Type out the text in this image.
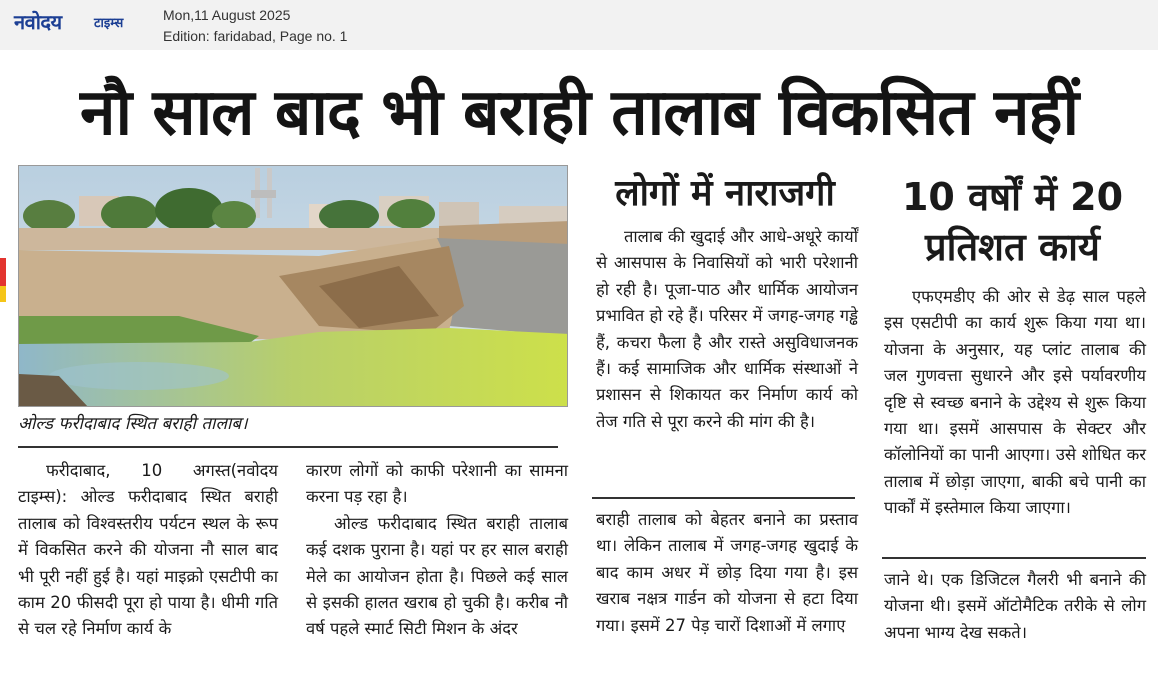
नवोदय टाइम्स
Mon,11 August 2025
Edition: faridabad, Page no. 1
नौ साल बाद भी बराही तालाब विकसित नहीं
ओल्ड फरीदाबाद स्थित बराही तालाब।

फरीदाबाद, 10 अगस्त(नवोदय टाइम्स): ओल्ड फरीदाबाद स्थित बराही तालाब को विश्वस्तरीय पर्यटन स्थल के रूप में विकसित करने की योजना नौ साल बाद भी पूरी नहीं हुई है। यहां माइक्रो एसटीपी का काम 20 फीसदी पूरा हो पाया है। धीमी गति से चल रहे निर्माण कार्य के

कारण लोगों को काफी परेशानी का सामना करना पड़ रहा है।

ओल्ड फरीदाबाद स्थित बराही तालाब कई दशक पुराना है। यहां पर हर साल बराही मेले का आयोजन होता है। पिछले कई साल से इसकी हालत खराब हो चुकी है। करीब नौ वर्ष पहले स्मार्ट सिटी मिशन के अंदर

लोगों में नाराजगी

तालाब की खुदाई और आधे-अधूरे कार्यों से आसपास के निवासियों को भारी परेशानी हो रही है। पूजा-पाठ और धार्मिक आयोजन प्रभावित हो रहे हैं। परिसर में जगह-जगह गड्ढे हैं, कचरा फैला है और रास्ते असुविधाजनक हैं। कई सामाजिक और धार्मिक संस्थाओं ने प्रशासन से शिकायत कर निर्माण कार्य को तेज गति से पूरा करने की मांग की है।

बराही तालाब को बेहतर बनाने का प्रस्ताव था। लेकिन तालाब में जगह-जगह खुदाई के बाद काम अधर में छोड़ दिया गया है। इस खराब नक्षत्र गार्डन को योजना से हटा दिया गया। इसमें 27 पेड़ चारों दिशाओं में लगाए

10 वर्षों में 20
प्रतिशत कार्य

एफएमडीए की ओर से डेढ़ साल पहले इस एसटीपी का कार्य शुरू किया गया था। योजना के अनुसार, यह प्लांट तालाब की जल गुणवत्ता सुधारने और इसे पर्यावरणीय दृष्टि से स्वच्छ बनाने के उद्देश्य से शुरू किया गया था। इसमें आसपास के सेक्टर और कॉलोनियों का पानी आएगा। उसे शोधित कर तालाब में छोड़ा जाएगा, बाकी बचे पानी का पार्कों में इस्तेमाल किया जाएगा।

जाने थे। एक डिजिटल गैलरी भी बनाने की योजना थी। इसमें ऑटोमैटिक तरीके से लोग अपना भाग्य देख सकते।
